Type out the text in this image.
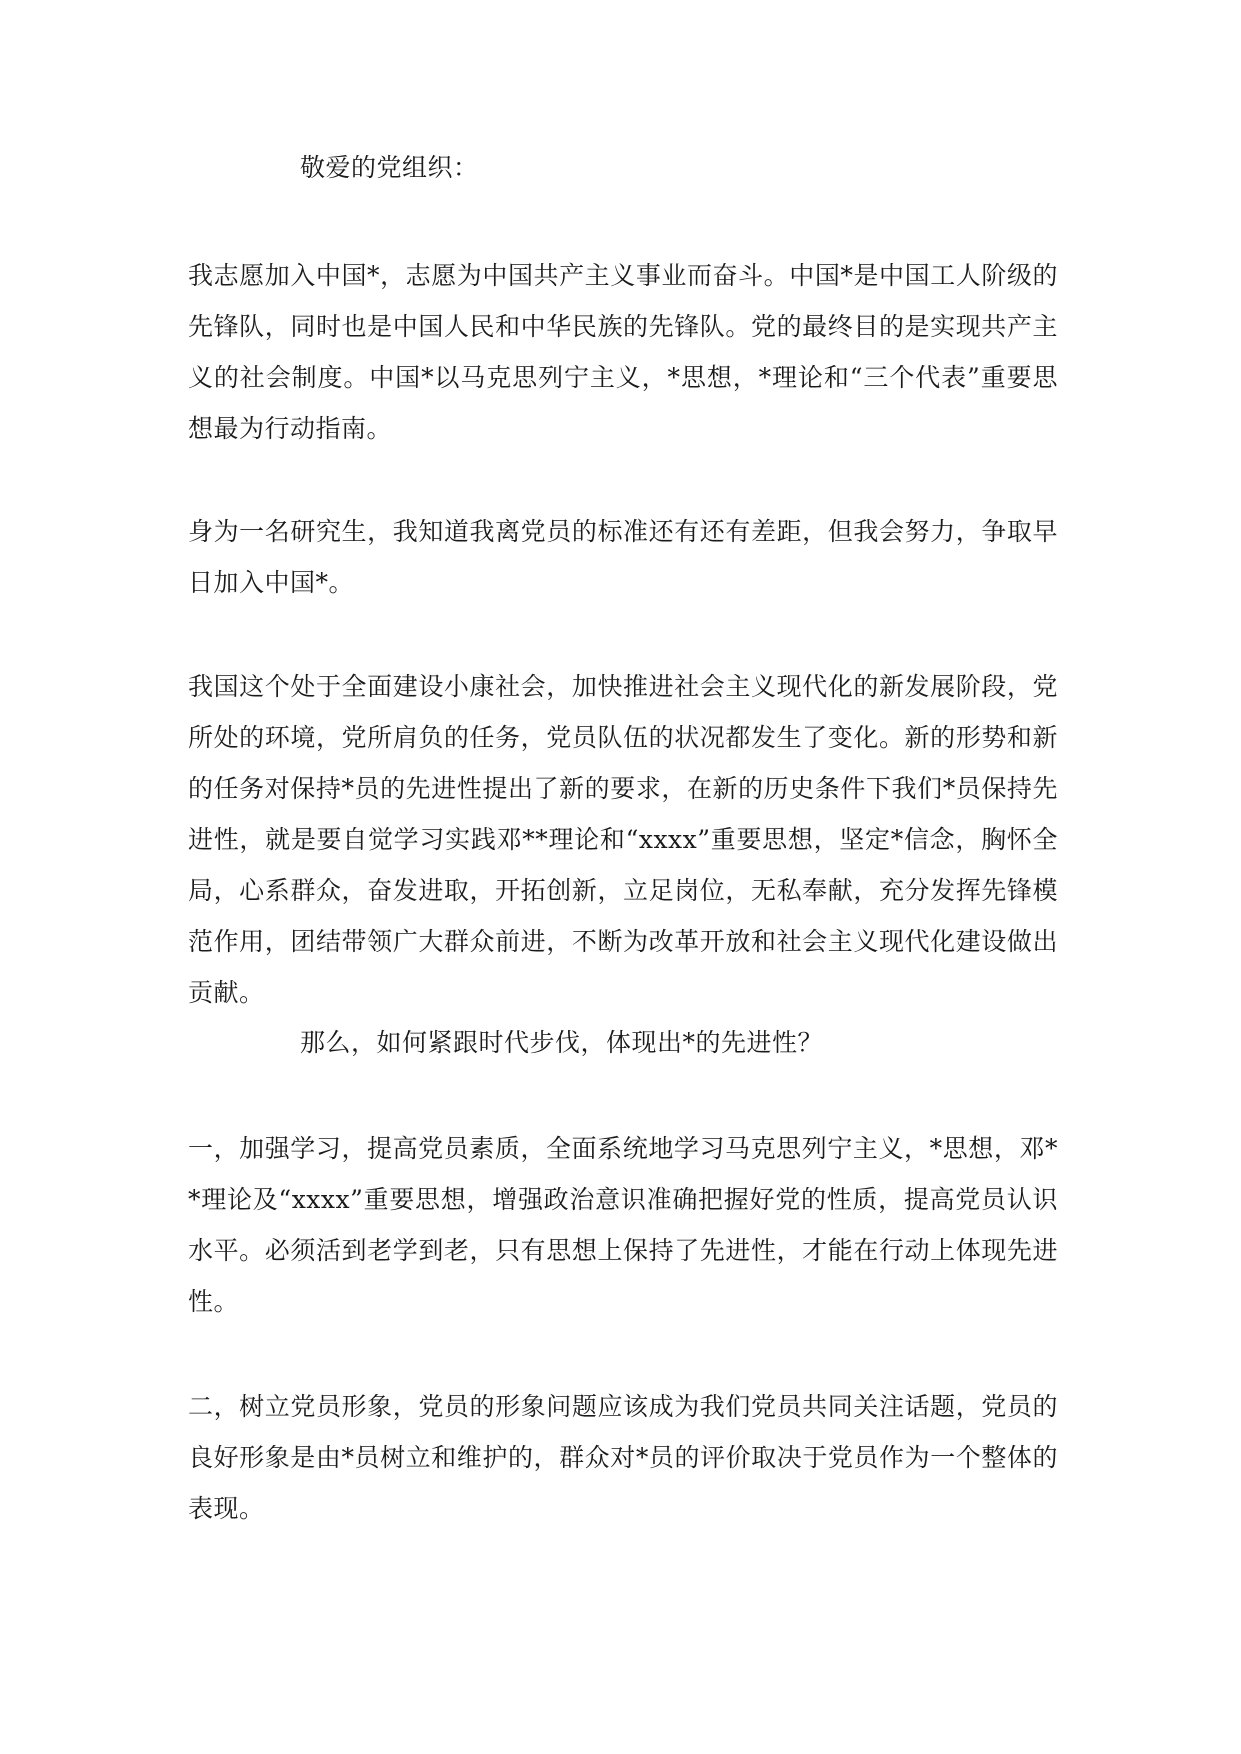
敬爱的党组织：

我志愿加入中国*，志愿为中国共产主义事业而奋斗。中国*是中国工人阶级的先锋队，同时也是中国人民和中华民族的先锋队。党的最终目的是实现共产主义的社会制度。中国*以马克思列宁主义，*思想，*理论和“三个代表”重要思想最为行动指南。

身为一名研究生，我知道我离党员的标准还有还有差距，但我会努力，争取早日加入中国*。

我国这个处于全面建设小康社会，加快推进社会主义现代化的新发展阶段，党所处的环境，党所肩负的任务，党员队伍的状况都发生了变化。新的形势和新的任务对保持*员的先进性提出了新的要求，在新的历史条件下我们*员保持先进性，就是要自觉学习实践邓**理论和“xxxx”重要思想，坚定*信念，胸怀全局，心系群众，奋发进取，开拓创新，立足岗位，无私奉献，充分发挥先锋模范作用，团结带领广大群众前进，不断为改革开放和社会主义现代化建设做出贡献。

那么，如何紧跟时代步伐，体现出*的先进性？

一，加强学习，提高党员素质，全面系统地学习马克思列宁主义，*思想，邓**理论及“xxxx”重要思想，增强政治意识准确把握好党的性质，提高党员认识水平。必须活到老学到老，只有思想上保持了先进性，才能在行动上体现先进性。

二，树立党员形象，党员的形象问题应该成为我们党员共同关注话题，党员的良好形象是由*员树立和维护的，群众对*员的评价取决于党员作为一个整体的表现。
